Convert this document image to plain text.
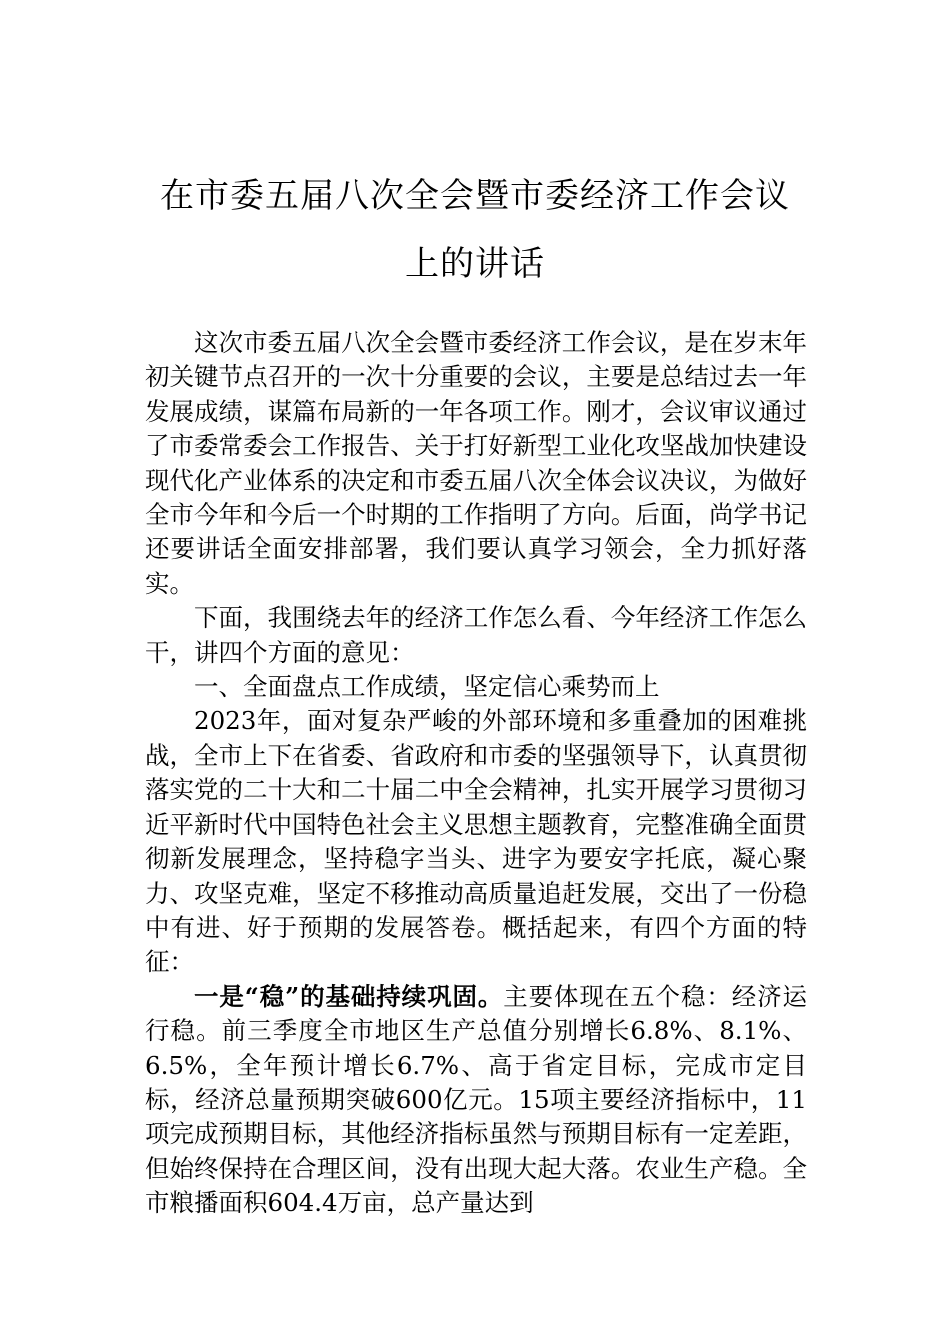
在市委五届八次全会暨市委经济工作会议
上的讲话

这次市委五届八次全会暨市委经济工作会议，是在岁末年初关键节点召开的一次十分重要的会议，主要是总结过去一年发展成绩，谋篇布局新的一年各项工作。刚才，会议审议通过了市委常委会工作报告、关于打好新型工业化攻坚战加快建设现代化产业体系的决定和市委五届八次全体会议决议，为做好全市今年和今后一个时期的工作指明了方向。后面，尚学书记还要讲话全面安排部署，我们要认真学习领会，全力抓好落实。

下面，我围绕去年的经济工作怎么看、今年经济工作怎么干，讲四个方面的意见：

一、全面盘点工作成绩，坚定信心乘势而上

2023年，面对复杂严峻的外部环境和多重叠加的困难挑战，全市上下在省委、省政府和市委的坚强领导下，认真贯彻落实党的二十大和二十届二中全会精神，扎实开展学习贯彻习近平新时代中国特色社会主义思想主题教育，完整准确全面贯彻新发展理念，坚持稳字当头、进字为要安字托底，凝心聚力、攻坚克难，坚定不移推动高质量追赶发展，交出了一份稳中有进、好于预期的发展答卷。概括起来，有四个方面的特征：

一是“稳”的基础持续巩固。主要体现在五个稳：经济运行稳。前三季度全市地区生产总值分别增长6.8%、8.1%、6.5%，全年预计增长6.7%、高于省定目标，完成市定目标，经济总量预期突破600亿元。15项主要经济指标中，11项完成预期目标，其他经济指标虽然与预期目标有一定差距，但始终保持在合理区间，没有出现大起大落。农业生产稳。全市粮播面积604.4万亩，总产量达到
